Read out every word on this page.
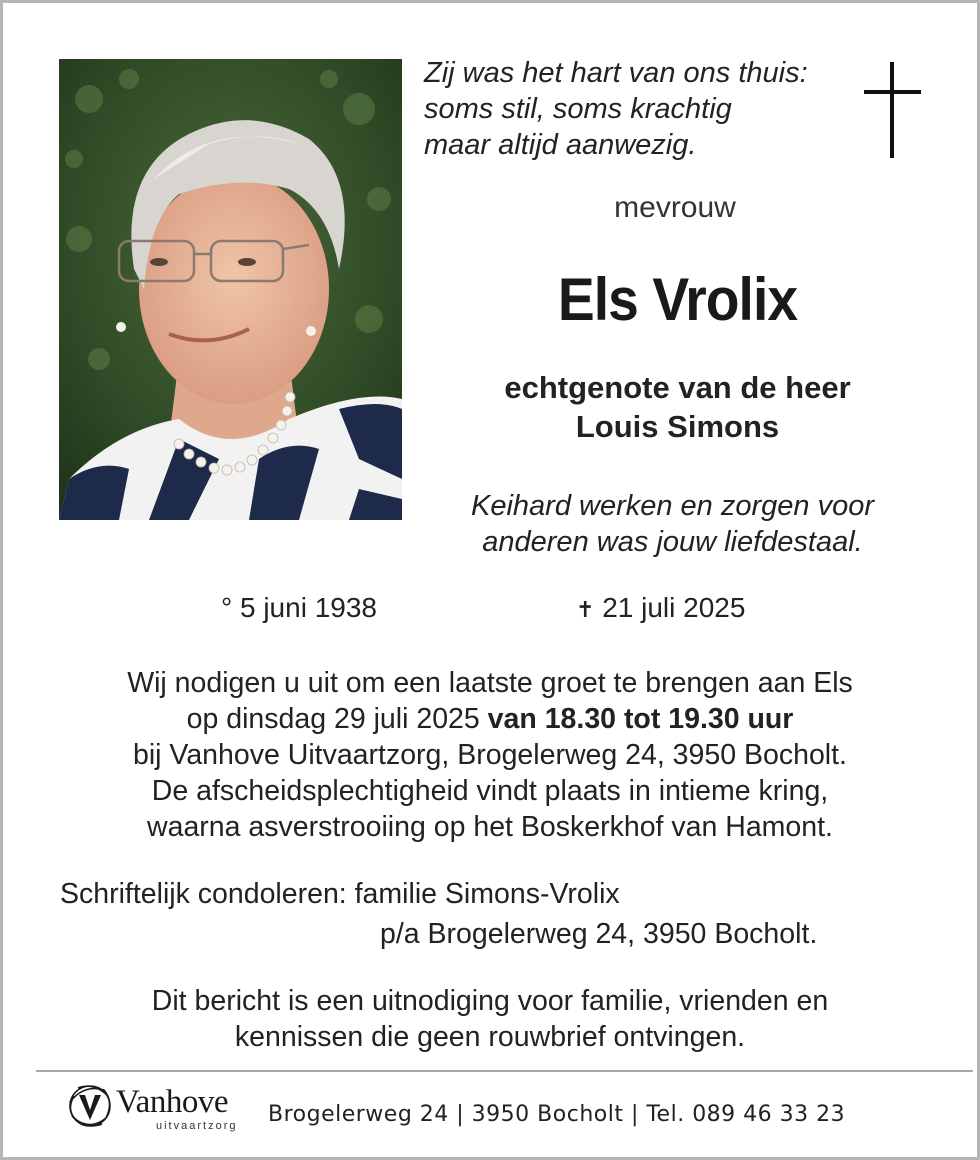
Zij was het hart van ons thuis:
soms stil, soms krachtig
maar altijd aanwezig.
mevrouw
Els Vrolix
echtgenote van de heer
Louis Simons
Keihard werken en zorgen voor
anderen was jouw liefdestaal.
° 5 juni 1938	✝ 21 juli 2025
Wij nodigen u uit om een laatste groet te brengen aan Els
op dinsdag 29 juli 2025 van 18.30 tot 19.30 uur
bij Vanhove Uitvaartzorg, Brogelerweg 24, 3950 Bocholt.
De afscheidsplechtigheid vindt plaats in intieme kring,
waarna asverstrooiing op het Boskerkhof van Hamont.
Schriftelijk condoleren: familie Simons-Vrolix
p/a Brogelerweg 24, 3950 Bocholt.
Dit bericht is een uitnodiging voor familie, vrienden en
kennissen die geen rouwbrief ontvingen.
Vanhove
uitvaartzorg Brogelerweg 24 | 3950 Bocholt | Tel. 089 46 33 23
